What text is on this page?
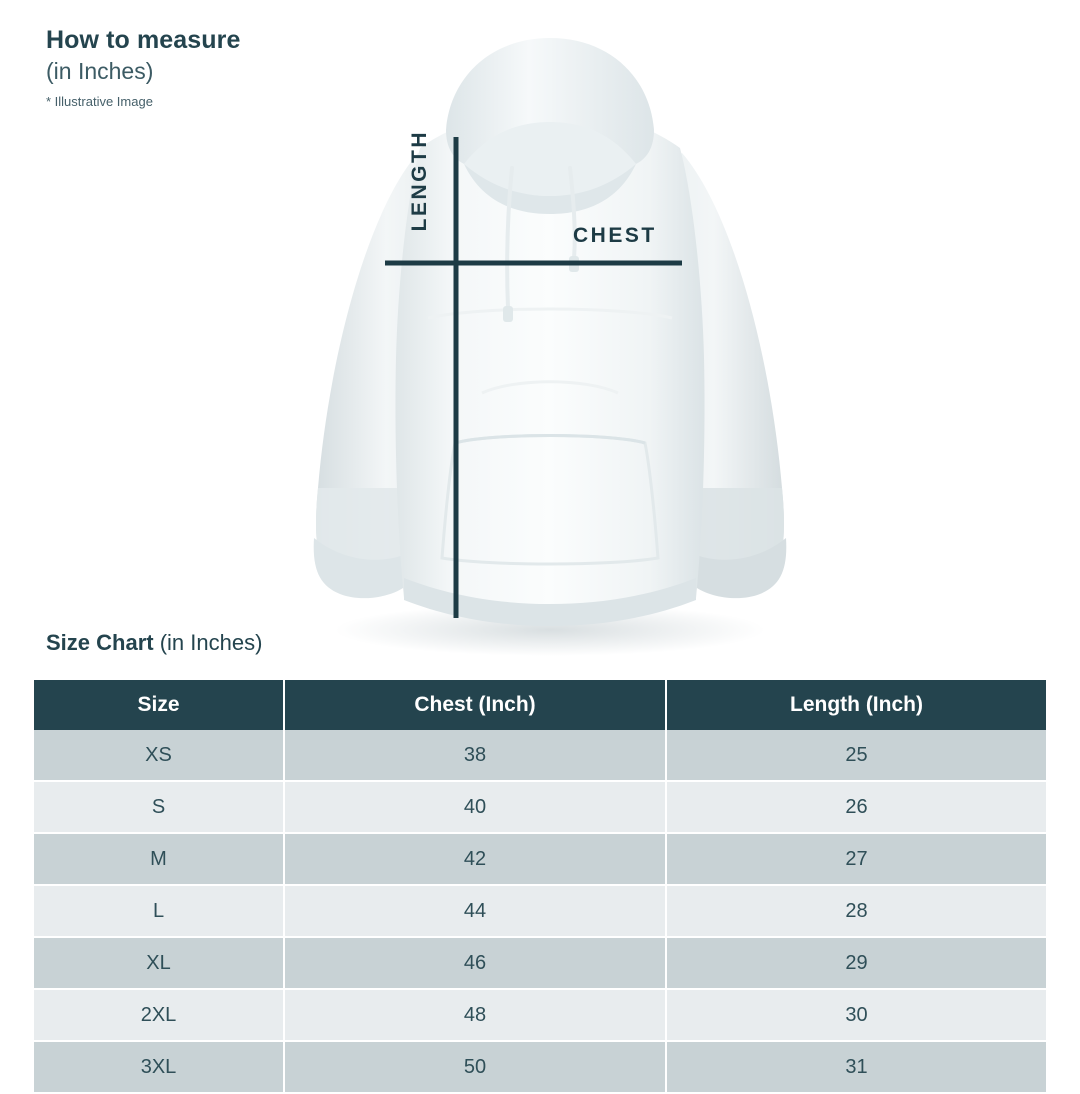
How to measure
(in Inches)
* Illustrative Image
LENGTH
CHEST
Size Chart (in Inches)
Size	Chest (Inch)	Length (Inch)
XS	38	25
S	40	26
M	42	27
L	44	28
XL	46	29
2XL	48	30
3XL	50	31
